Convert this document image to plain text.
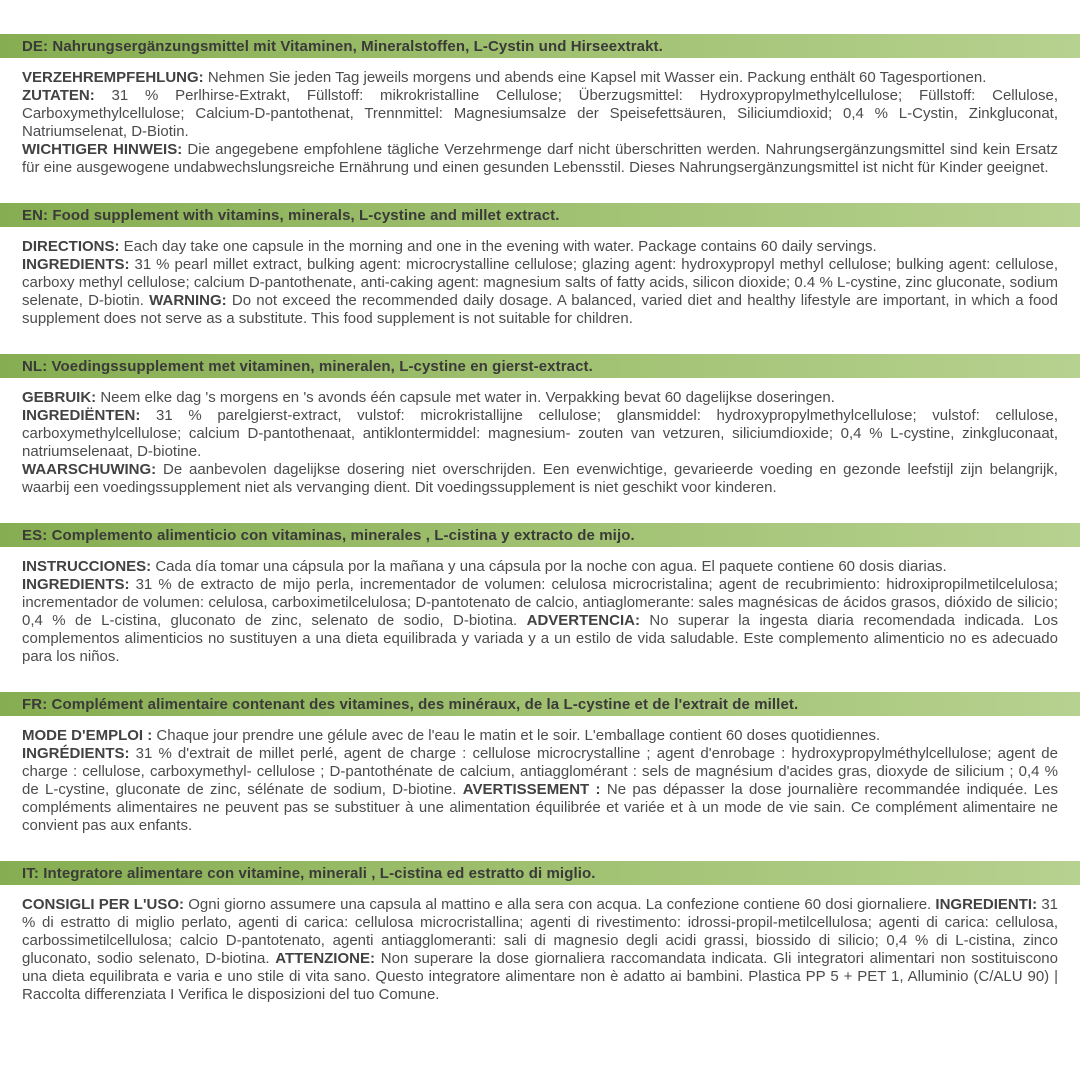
DE: Nahrungsergänzungsmittel mit Vitaminen, Mineralstoffen, L-Cystin und Hirseextrakt.

VERZEHREMPFEHLUNG: Nehmen Sie jeden Tag jeweils morgens und abends eine Kapsel mit Wasser ein. Packung enthält 60 Tagesportionen.

ZUTATEN: 31 % Perlhirse-Extrakt, Füllstoff: mikrokristalline Cellulose; Überzugsmittel: Hydroxypropylmethylcellulose; Füllstoff: Cellulose, Carboxymethylcellulose; Calcium-D-pantothenat, Trennmittel: Magnesiumsalze der Speisefettsäuren, Siliciumdioxid; 0,4 % L-Cystin, Zinkgluconat, Natriumselenat, D-Biotin.

WICHTIGER HINWEIS: Die angegebene empfohlene tägliche Verzehrmenge darf nicht überschritten werden. Nahrungsergänzungsmittel sind kein Ersatz für eine ausgewogene undabwechslungsreiche Ernährung und einen gesunden Lebensstil. Dieses Nahrungsergänzungsmittel ist nicht für Kinder geeignet.

EN: Food supplement with vitamins, minerals, L-cystine and millet extract.

DIRECTIONS: Each day take one capsule in the morning and one in the evening with water. Package contains 60 daily servings.

INGREDIENTS: 31 % pearl millet extract, bulking agent: microcrystalline cellulose; glazing agent: hydroxypropyl methyl cellulose; bulking agent: cellulose, carboxy methyl cellulose; calcium D-pantothenate, anti-caking agent: magnesium salts of fatty acids, silicon dioxide; 0.4 % L-cystine, zinc gluconate, sodium selenate, D-biotin. WARNING: Do not exceed the recommended daily dosage. A balanced, varied diet and healthy lifestyle are important, in which a food supplement does not serve as a substitute. This food supplement is not suitable for children.

NL: Voedingssupplement met vitaminen, mineralen, L-cystine en gierst-extract.

GEBRUIK: Neem elke dag 's morgens en 's avonds één capsule met water in. Verpakking bevat 60 dagelijkse doseringen.

INGREDIËNTEN: 31 % parelgierst-extract, vulstof: microkristallijne cellulose; glansmiddel: hydroxypropylmethylcellulose; vulstof: cellulose, carboxymethylcellulose; calcium D-pantothenaat, antiklontermiddel: magnesium- zouten van vetzuren, siliciumdioxide; 0,4 % L-cystine, zinkgluconaat, natriumselenaat, D-biotine.

WAARSCHUWING: De aanbevolen dagelijkse dosering niet overschrijden. Een evenwichtige, gevarieerde voeding en gezonde leefstijl zijn belangrijk, waarbij een voedingssupplement niet als vervanging dient. Dit voedingssupplement is niet geschikt voor kinderen.

ES: Complemento alimenticio con vitaminas, minerales , L-cistina y extracto de mijo.

INSTRUCCIONES: Cada día tomar una cápsula por la mañana y una cápsula por la noche con agua. El paquete contiene 60 dosis diarias.

INGREDIENTS: 31 % de extracto de mijo perla, incrementador de volumen: celulosa microcristalina; agent de recubrimiento: hidroxipropilmetilcelulosa; incrementador de volumen: celulosa, carboximetilcelulosa; D-pantotenato de calcio, antiaglomerante: sales magnésicas de ácidos grasos, dióxido de silicio; 0,4 % de L-cistina, gluconato de zinc, selenato de sodio, D-biotina. ADVERTENCIA: No superar la ingesta diaria recomendada indicada. Los complementos alimenticios no sustituyen a una dieta equilibrada y variada y a un estilo de vida saludable. Este complemento alimenticio no es adecuado para los niños.

FR: Complément alimentaire contenant des vitamines, des minéraux, de la L-cystine et de l'extrait de millet.

MODE D'EMPLOI : Chaque jour prendre une gélule avec de l'eau le matin et le soir. L'emballage contient 60 doses quotidiennes.

INGRÉDIENTS: 31 % d'extrait de millet perlé, agent de charge : cellulose microcrystalline ; agent d'enrobage : hydroxypropylméthylcellulose; agent de charge : cellulose, carboxymethyl- cellulose ; D-pantothénate de calcium, antiagglomérant : sels de magnésium d'acides gras, dioxyde de silicium ; 0,4 % de L-cystine, gluconate de zinc, sélénate de sodium, D-biotine. AVERTISSEMENT : Ne pas dépasser la dose journalière recommandée indiquée. Les compléments alimentaires ne peuvent pas se substituer à une alimentation équilibrée et variée et à un mode de vie sain. Ce complément alimentaire ne convient pas aux enfants.

IT: Integratore alimentare con vitamine, minerali , L-cistina ed estratto di miglio.

CONSIGLI PER L'USO: Ogni giorno assumere una capsula al mattino e alla sera con acqua. La confezione contiene 60 dosi giornaliere. INGREDIENTI: 31 % di estratto di miglio perlato, agenti di carica: cellulosa microcristallina; agenti di rivestimento: idrossi-propil-metilcellulosa; agenti di carica: cellulosa, carbossimetilcellulosa; calcio D-pantotenato, agenti antiagglomeranti: sali di magnesio degli acidi grassi, biossido di silicio; 0,4 % di L-cistina, zinco gluconato, sodio selenato, D-biotina. ATTENZIONE: Non superare la dose giornaliera raccomandata indicata. Gli integratori alimentari non sostituiscono una dieta equilibrata e varia e uno stile di vita sano. Questo integratore alimentare non è adatto ai bambini. Plastica PP 5 + PET 1, Alluminio (C/ALU 90) | Raccolta differenziata I Verifica le disposizioni del tuo Comune.
